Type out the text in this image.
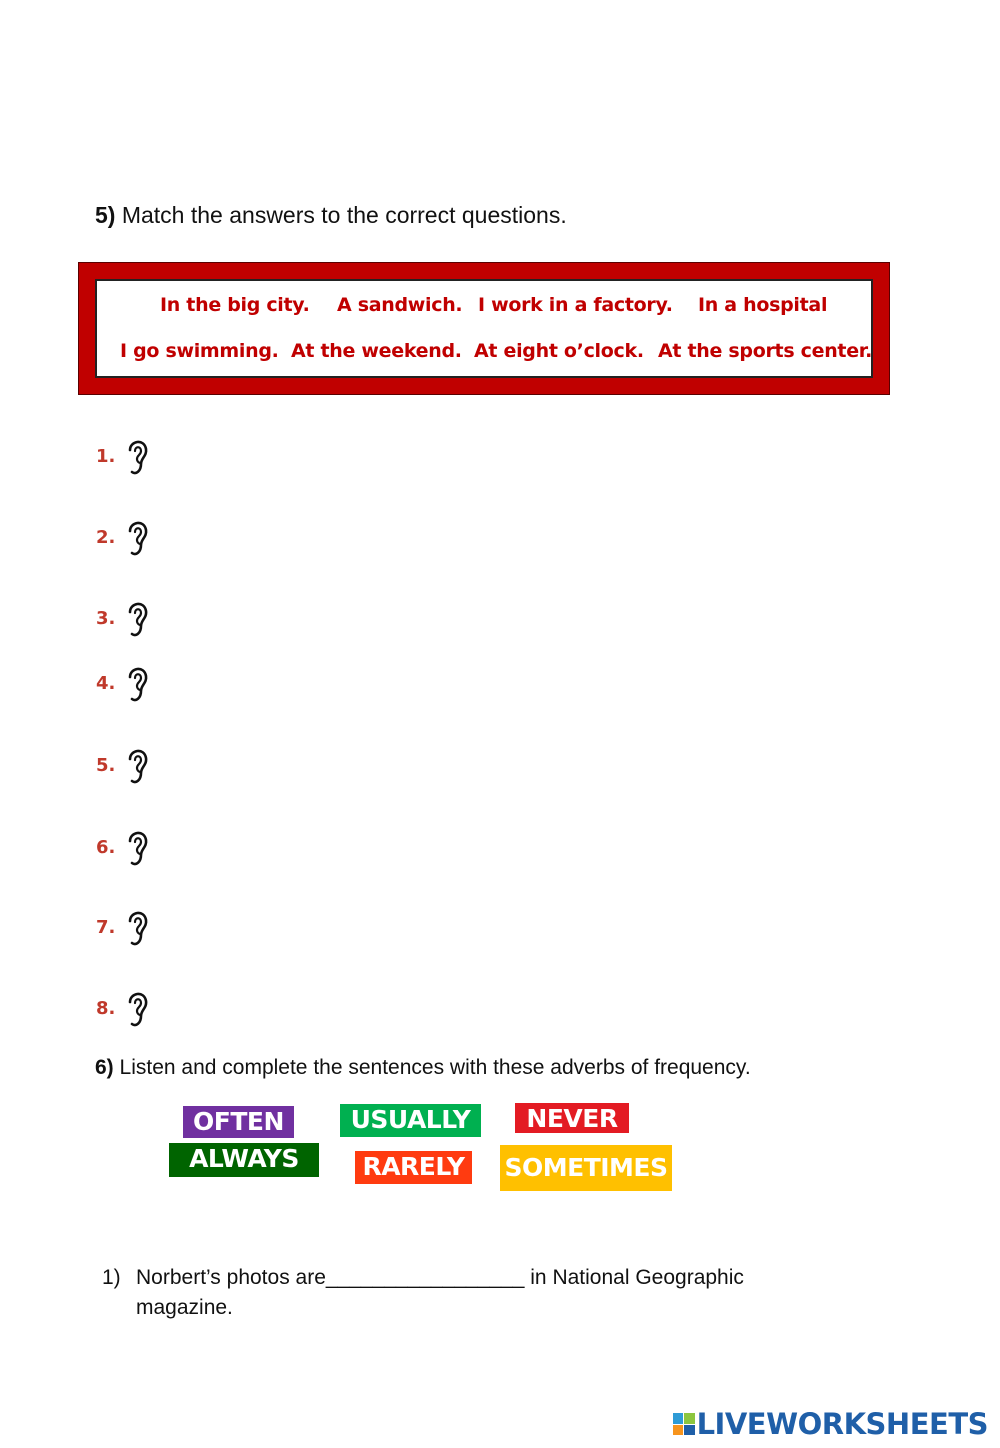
5) Match the answers to the correct questions.
In the big city. A sandwich. I work in a factory. In a hospital
I go swimming. At the weekend. At eight o’clock. At the sports center.
1.
2.
3.
4.
5.
6.
7.
8.
6) Listen and complete the sentences with these adverbs of frequency.
OFTEN	USUALLY	NEVER
ALWAYS	RARELY SOMETIMES
1) Norbert’s photos are_________________ in National Geographic
magazine.
LIVEWORKSHEETS
